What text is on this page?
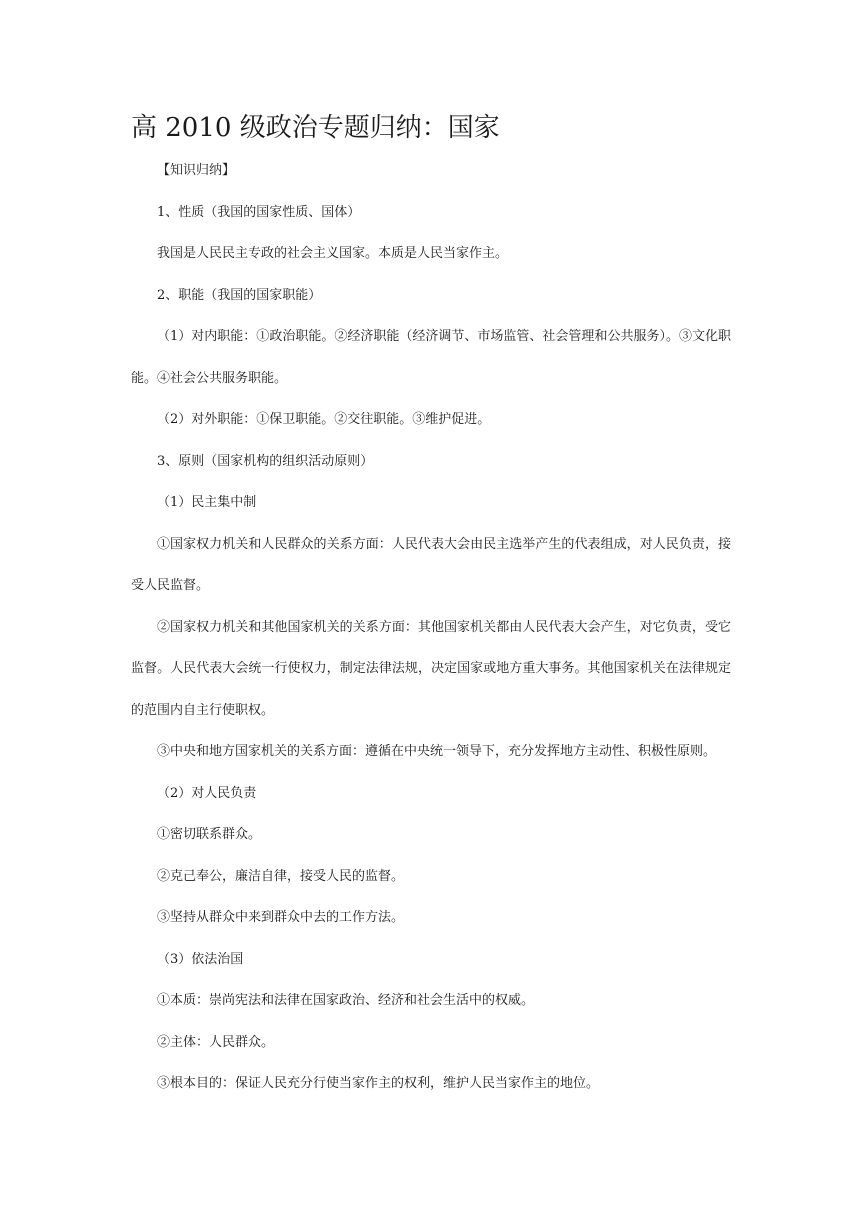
高 2010 级政治专题归纳：国家

【知识归纳】

1、性质（我国的国家性质、国体）

我国是人民民主专政的社会主义国家。本质是人民当家作主。

2、职能（我国的国家职能）

（1）对内职能：①政治职能。②经济职能（经济调节、市场监管、社会管理和公共服务）。③文化职能。④社会公共服务职能。

（2）对外职能：①保卫职能。②交往职能。③维护促进。

3、原则（国家机构的组织活动原则）

（1）民主集中制

①国家权力机关和人民群众的关系方面：人民代表大会由民主选举产生的代表组成，对人民负责，接受人民监督。

②国家权力机关和其他国家机关的关系方面：其他国家机关都由人民代表大会产生，对它负责，受它监督。人民代表大会统一行使权力，制定法律法规，决定国家或地方重大事务。其他国家机关在法律规定的范围内自主行使职权。

③中央和地方国家机关的关系方面：遵循在中央统一领导下，充分发挥地方主动性、积极性原则。

（2）对人民负责

①密切联系群众。

②克己奉公，廉洁自律，接受人民的监督。

③坚持从群众中来到群众中去的工作方法。

（3）依法治国

①本质：崇尚宪法和法律在国家政治、经济和社会生活中的权威。

②主体：人民群众。

③根本目的：保证人民充分行使当家作主的权利，维护人民当家作主的地位。
